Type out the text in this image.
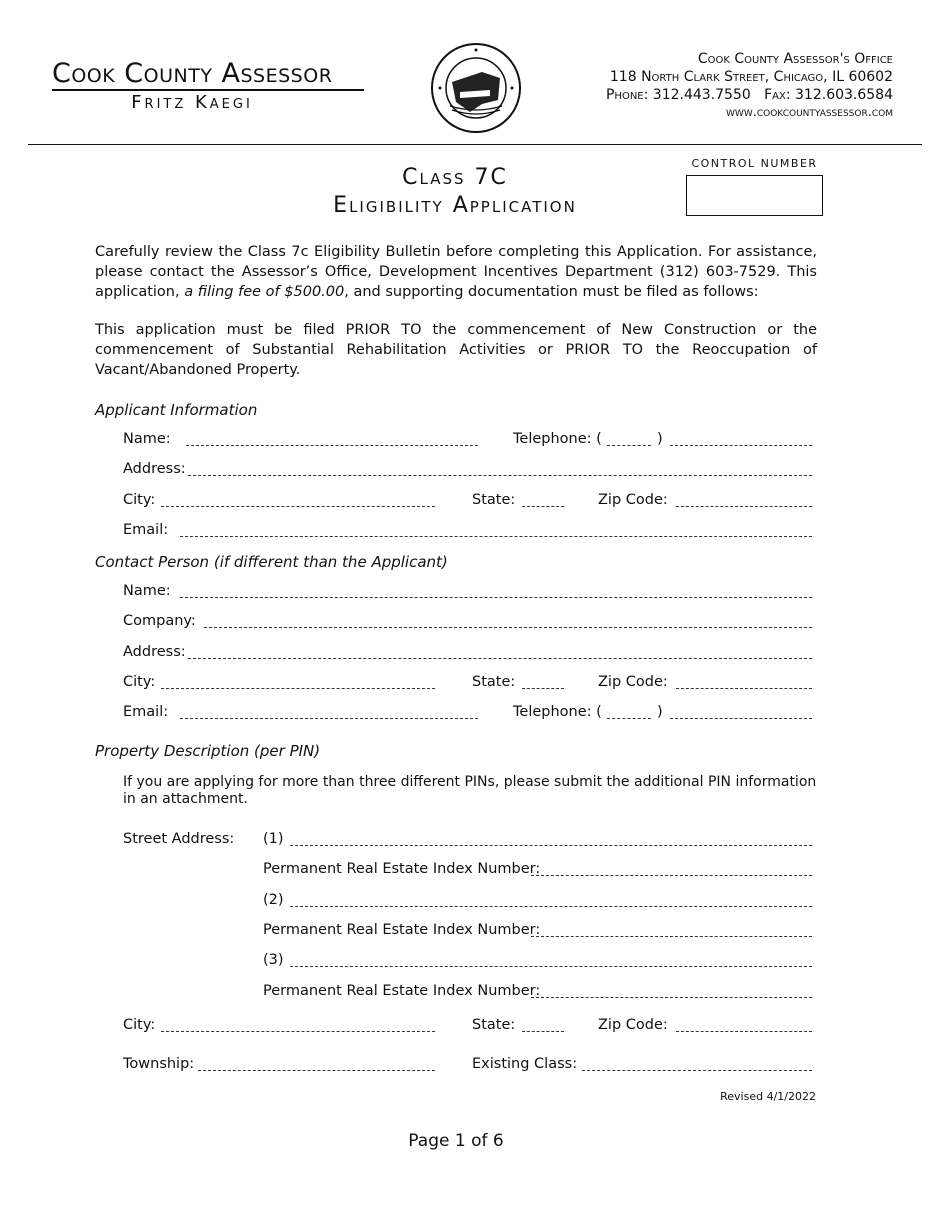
Cook County Assessor
Fritz Kaegi
Cook County Assessor's Office
118 North Clark Street, Chicago, IL 60602
Phone: 312.443.7550   Fax: 312.603.6584
www.cookcountyassessor.com
Class 7C
Eligibility Application
CONTROL NUMBER
Carefully review the Class 7c Eligibility Bulletin before completing this Application. For assistance, please contact the Assessor’s Office, Development Incentives Department (312) 603-7529. This application, a filing fee of $500.00, and supporting documentation must be filed as follows:
This application must be filed PRIOR TO the commencement of New Construction or the commencement of Substantial Rehabilitation Activities or PRIOR TO the Reoccupation of Vacant/Abandoned Property.
Applicant Information
Name:	Telephone: (	)
Address:
City:	State:	Zip Code:
Email:
Contact Person (if different than the Applicant)
Name:
Company:
Address:
City:	State:	Zip Code:
Email:	Telephone: (	)
Property Description (per PIN)
If you are applying for more than three different PINs, please submit the additional PIN information in an attachment.
Street Address: (1)
Permanent Real Estate Index Number:
(2)
Permanent Real Estate Index Number:
(3)
Permanent Real Estate Index Number:
City:	State:	Zip Code:
Township:	Existing Class:
Revised 4/1/2022
Page 1 of 6
